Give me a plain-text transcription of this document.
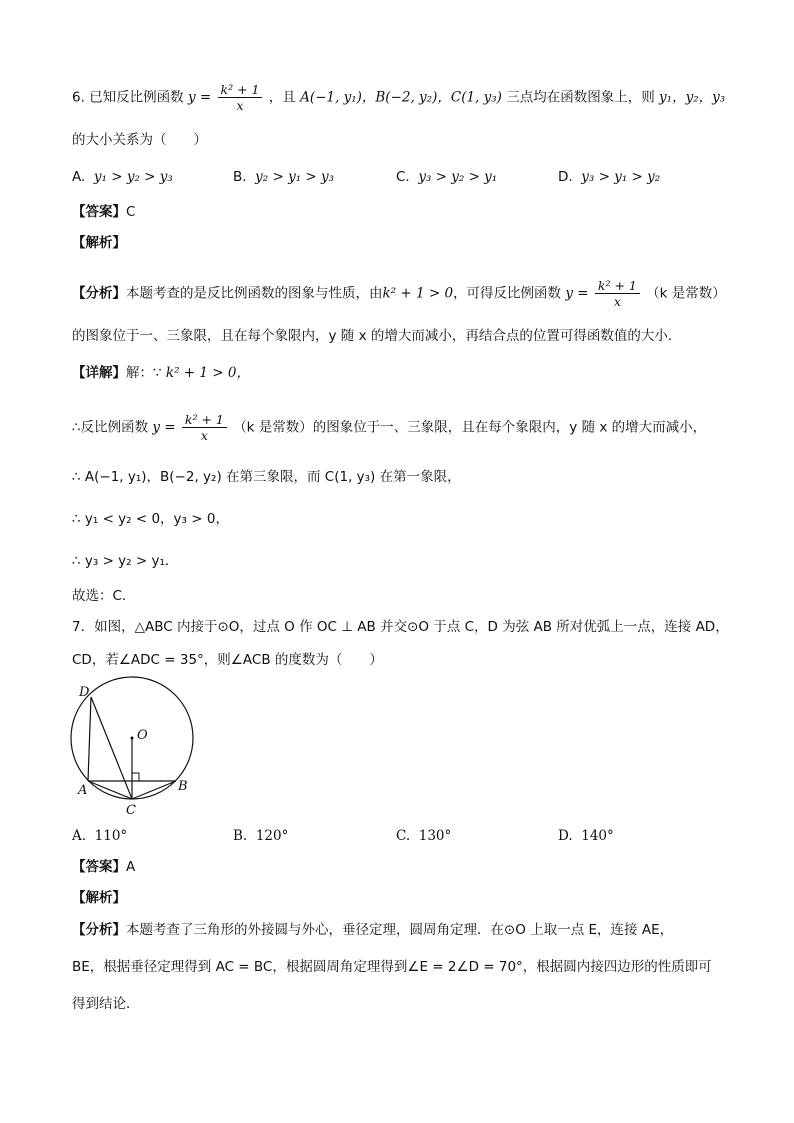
6. 已知反比例函数 $y = \frac{\text{k² + 1}}{x}$ ，且 A(−1, y₁)，B(−2, y₂)，C(1, y₃) 三点均在函数图象上，则 y₁，y₂，y₃
的大小关系为（　　）
A. y₁ > y₂ > y₃	B. y₂ > y₁ > y₃	C. y₃ > y₂ > y₁	D. y₃ > y₁ > y₂
【答案】C
【解析】
【分析】本题考查的是反比例函数的图象与性质，由k² + 1 > 0，可得反比例函数 $y = \frac{\text{k² + 1}}{x} (k$ 是常数）
的图象位于一、三象限，且在每个象限内，y 随 x 的增大而减小，再结合点的位置可得函数值的大小．
【详解】解：∵ k² + 1 > 0，
∴反比例函数 $y = \frac{\text{k² + 1}}{x} (k$ 是常数）的图象位于一、三象限，且在每个象限内，y 随 x 的增大而减小，
∴ A(−1, y₁)，B(−2, y₂) 在第三象限，而 C(1, y₃) 在第一象限，
∴ y₁ < y₂ < 0，y₃ > 0，
∴ y₃ > y₂ > y₁．
故选：C．
7．如图，△ABC 内接于⊙O，过点 O 作 OC ⊥ AB 并交⊙O 于点 C，D 为弦 AB 所对优弧上一点，连接 AD，
CD，若∠ADC = 35°，则∠ACB 的度数为（　　）
D
O
A	B
C
A. 110°	B. 120°	C. 130°	D. 140°
【答案】A
【解析】
【分析】本题考查了三角形的外接圆与外心，垂径定理，圆周角定理．在⊙O 上取一点 E，连接 AE，
BE，根据垂径定理得到 AC = BC，根据圆周角定理得到∠E = 2∠D = 70°，根据圆内接四边形的性质即可
得到结论．
